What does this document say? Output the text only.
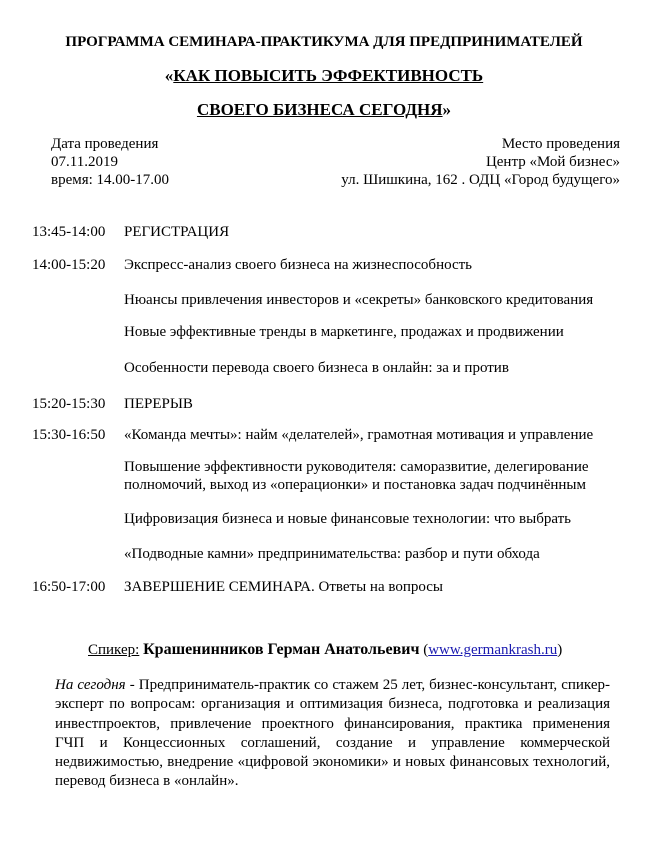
ПРОГРАММА СЕМИНАРА-ПРАКТИКУМА ДЛЯ ПРЕДПРИНИМАТЕЛЕЙ
«КАК ПОВЫСИТЬ ЭФФЕКТИВНОСТЬ
СВОЕГО БИЗНЕСА СЕГОДНЯ»
Дата проведения
07.11.2019
время: 14.00-17.00
Место проведения
Центр «Мой бизнес»
ул. Шишкина, 162 . ОДЦ «Город будущего»
13:45-14:00 РЕГИСТРАЦИЯ
14:00-15:20 Экспресс-анализ своего бизнеса на жизнеспособность
Нюансы привлечения инвесторов и «секреты» банковского кредитования
Новые эффективные тренды в маркетинге, продажах и продвижении
Особенности перевода своего бизнеса в онлайн: за и против
15:20-15:30 ПЕРЕРЫВ
15:30-16:50 «Команда мечты»: найм «делателей», грамотная мотивация и управление
Повышение эффективности руководителя: саморазвитие, делегирование полномочий, выход из «операционки» и постановка задач подчинённым
Цифровизация бизнеса и новые финансовые технологии: что выбрать
«Подводные камни» предпринимательства: разбор и пути обхода
16:50-17:00 ЗАВЕРШЕНИЕ СЕМИНАРА. Ответы на вопросы
Спикер: Крашенинников Герман Анатольевич (www.germankrash.ru)
На сегодня - Предприниматель-практик со стажем 25 лет, бизнес-консультант, спикер-эксперт по вопросам: организация и оптимизация бизнеса, подготовка и реализация инвестпроектов, привлечение проектного финансирования, практика применения ГЧП и Концессионных соглашений, создание и управление коммерческой недвижимостью, внедрение «цифровой экономики» и новых финансовых технологий, перевод бизнеса в «онлайн».
